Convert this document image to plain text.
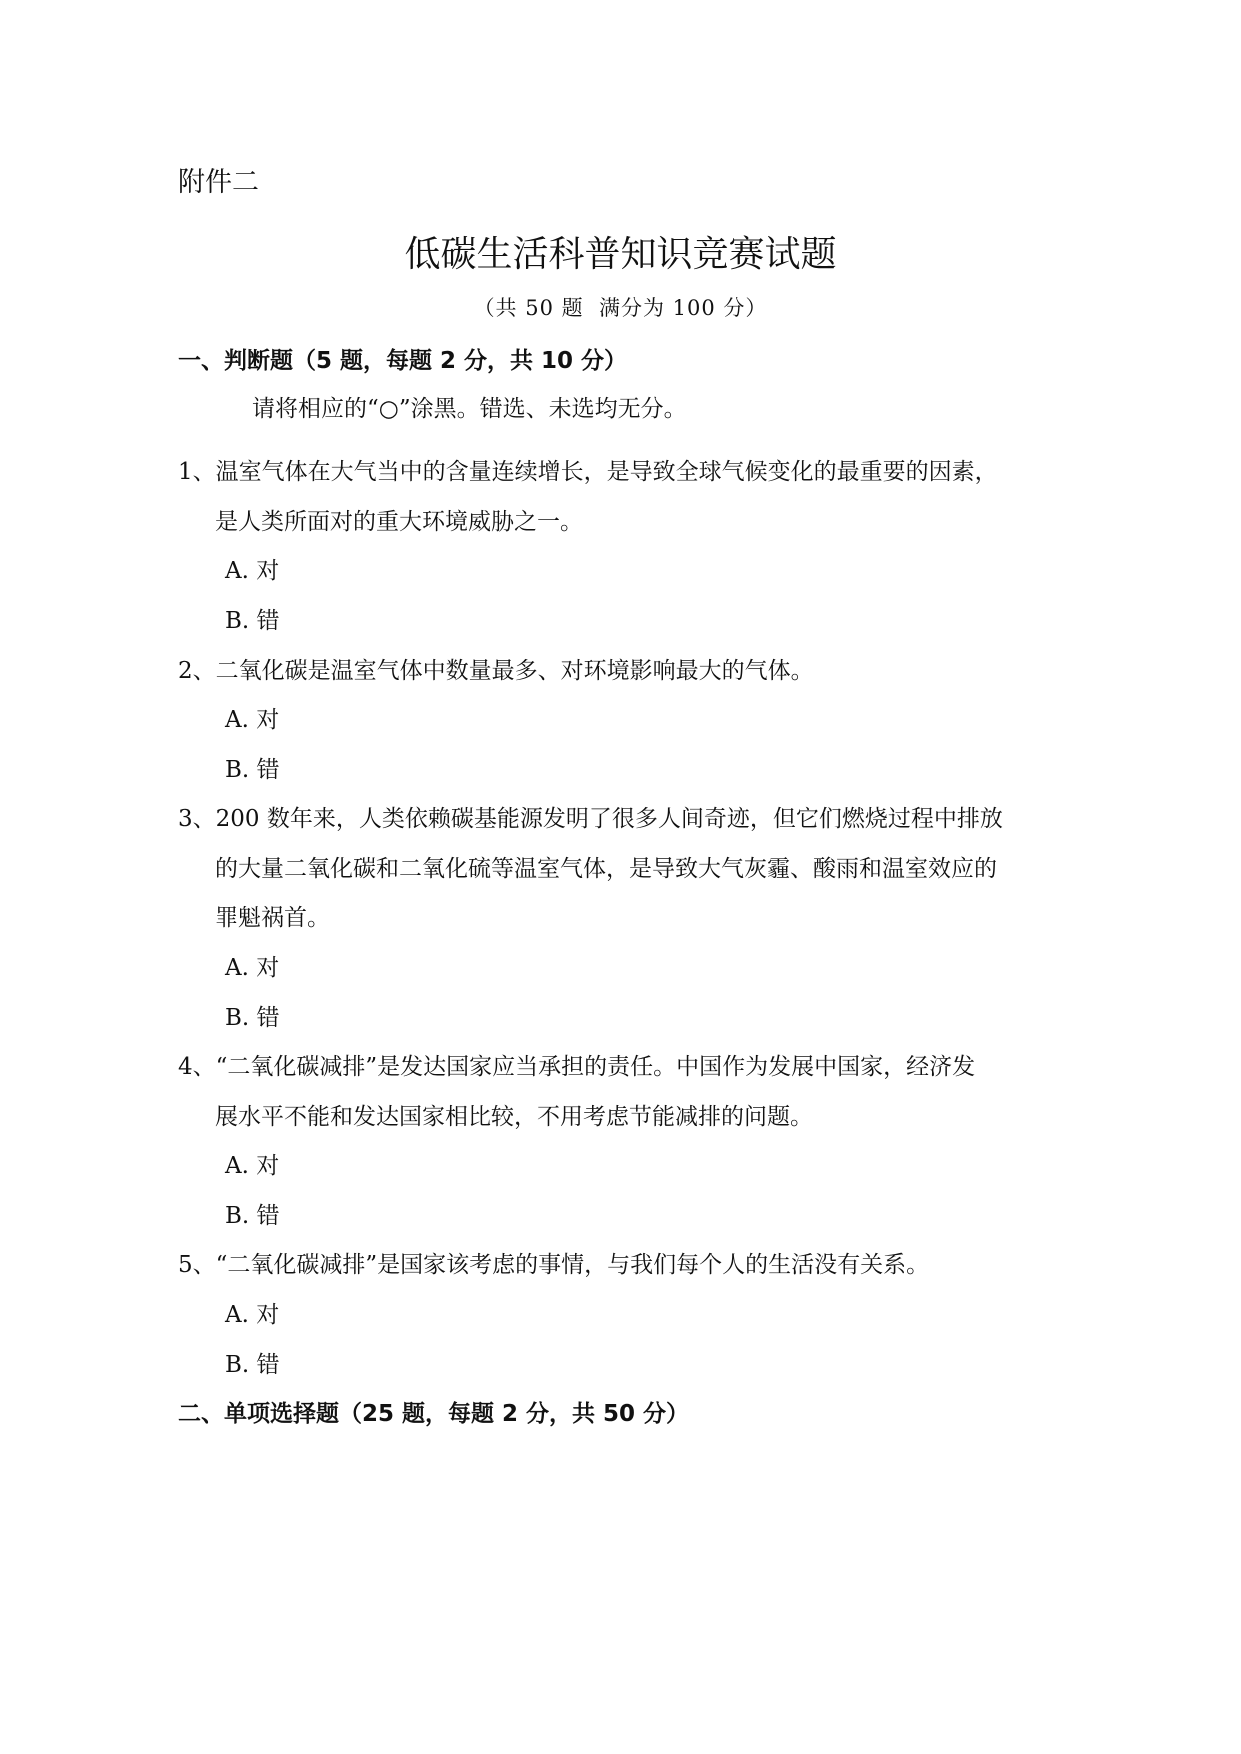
附件二
低碳生活科普知识竞赛试题
（共 50 题  满分为 100 分）
一、判断题（5 题，每题 2 分，共 10 分）
请将相应的“○”涂黑。错选、未选均无分。
1、温室气体在大气当中的含量连续增长，是导致全球气候变化的最重要的因素，
是人类所面对的重大环境威胁之一。
A. 对
B. 错
2、二氧化碳是温室气体中数量最多、对环境影响最大的气体。
A. 对
B. 错
3、200 数年来，人类依赖碳基能源发明了很多人间奇迹，但它们燃烧过程中排放
的大量二氧化碳和二氧化硫等温室气体，是导致大气灰霾、酸雨和温室效应的
罪魁祸首。
A. 对
B. 错
4、“二氧化碳减排”是发达国家应当承担的责任。中国作为发展中国家，经济发
展水平不能和发达国家相比较，不用考虑节能减排的问题。
A. 对
B. 错
5、“二氧化碳减排”是国家该考虑的事情，与我们每个人的生活没有关系。
A. 对
B. 错
二、单项选择题（25 题，每题 2 分，共 50 分）
